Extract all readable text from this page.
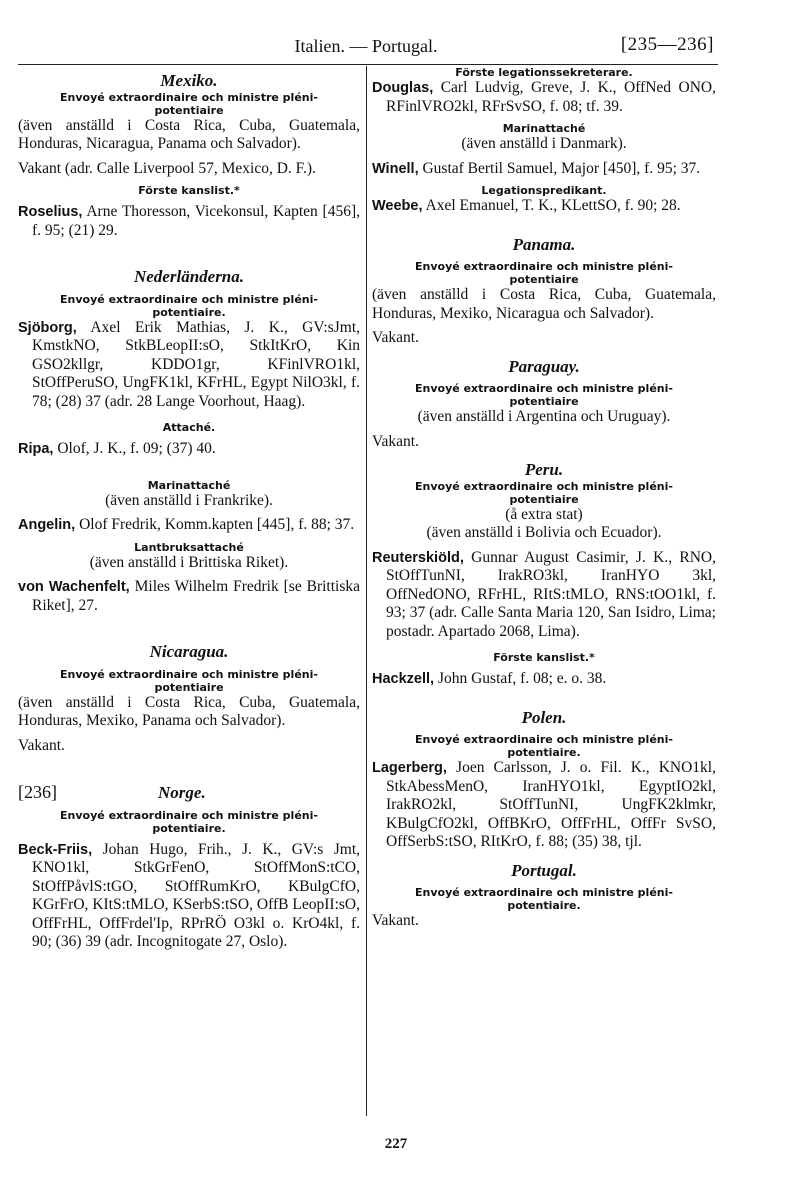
Italien. — Portugal.	[235—236]

Mexiko.

Envoyé extraordinaire och ministre pléni-

potentiaire

(även anställd i Costa Rica, Cuba, Guatemala, Honduras, Nicaragua, Panama och Salvador).

Vakant (adr. Calle Liverpool 57, Mexico, D. F.).

Förste kanslist.*

Roselius, Arne Thoresson, Vicekonsul, Kapten [456], f. 95; (21) 29.

Nederländerna.

Envoyé extraordinaire och ministre pléni-

potentiaire.

Sjöborg, Axel Erik Mathias, J. K., GV:sJmt, KmstkNO, StkBLeopII:sO, StkItKrO, Kin GSO2kllgr, KDDO1gr, KFinlVRO1kl, StOffPeruSO, UngFK1kl, KFrHL, Egypt NilO3kl, f. 78; (28) 37 (adr. 28 Lange Voorhout, Haag).

Attaché.

Ripa, Olof, J. K., f. 09; (37) 40.

Marinattaché

(även anställd i Frankrike).

Angelin, Olof Fredrik, Komm.kapten [445], f. 88; 37.

Lantbruksattaché

(även anställd i Brittiska Riket).

von Wachenfelt, Miles Wilhelm Fredrik [se Brittiska Riket], 27.

Nicaragua.

Envoyé extraordinaire och ministre pléni-

potentiaire

(även anställd i Costa Rica, Cuba, Guatemala, Honduras, Mexiko, Panama och Salvador).

Vakant.

[236]	Norge.

Envoyé extraordinaire och ministre pléni-

potentiaire.

Beck-Friis, Johan Hugo, Frih., J. K., GV:s Jmt, KNO1kl, StkGrFenO, StOffMonS:tCO, StOffPåvlS:tGO, StOffRumKrO, KBulgCfO, KGrFrO, KItS:tMLO, KSerbS:tSO, OffB LeopII:sO, OffFrHL, OffFrdel'Ip, RPrRÖ O3kl o. KrO4kl, f. 90; (36) 39 (adr. Incognitogate 27, Oslo).

Förste legationssekreterare.

Douglas, Carl Ludvig, Greve, J. K., OffNed ONO, RFinlVRO2kl, RFrSvSO, f. 08; tf. 39.

Marinattaché

(även anställd i Danmark).

Winell, Gustaf Bertil Samuel, Major [450], f. 95; 37.

Legationspredikant.

Weebe, Axel Emanuel, T. K., KLettSO, f. 90; 28.

Panama.

Envoyé extraordinaire och ministre pléni-

potentiaire

(även anställd i Costa Rica, Cuba, Guatemala, Honduras, Mexiko, Nicaragua och Salvador).

Vakant.

Paraguay.

Envoyé extraordinaire och ministre pléni-

potentiaire

(även anställd i Argentina och Uruguay).

Vakant.

Peru.

Envoyé extraordinaire och ministre pléni-

potentiaire

(å extra stat)

(även anställd i Bolivia och Ecuador).

Reuterskiöld, Gunnar August Casimir, J. K., RNO, StOffTunNI, IrakRO3kl, IranHYO 3kl, OffNedONO, RFrHL, RItS:tMLO, RNS:tOO1kl, f. 93; 37 (adr. Calle Santa Maria 120, San Isidro, Lima; postadr. Apartado 2068, Lima).

Förste kanslist.*

Hackzell, John Gustaf, f. 08; e. o. 38.

Polen.

Envoyé extraordinaire och ministre pléni-

potentiaire.

Lagerberg, Joen Carlsson, J. o. Fil. K., KNO1kl, StkAbessMenO, IranHYO1kl, EgyptIO2kl, IrakRO2kl, StOffTunNI, UngFK2klmkr, KBulgCfO2kl, OffBKrO, OffFrHL, OffFr SvSO, OffSerbS:tSO, RItKrO, f. 88; (35) 38, tjl.

Portugal.

Envoyé extraordinaire och ministre pléni-

potentiaire.

Vakant.

227
